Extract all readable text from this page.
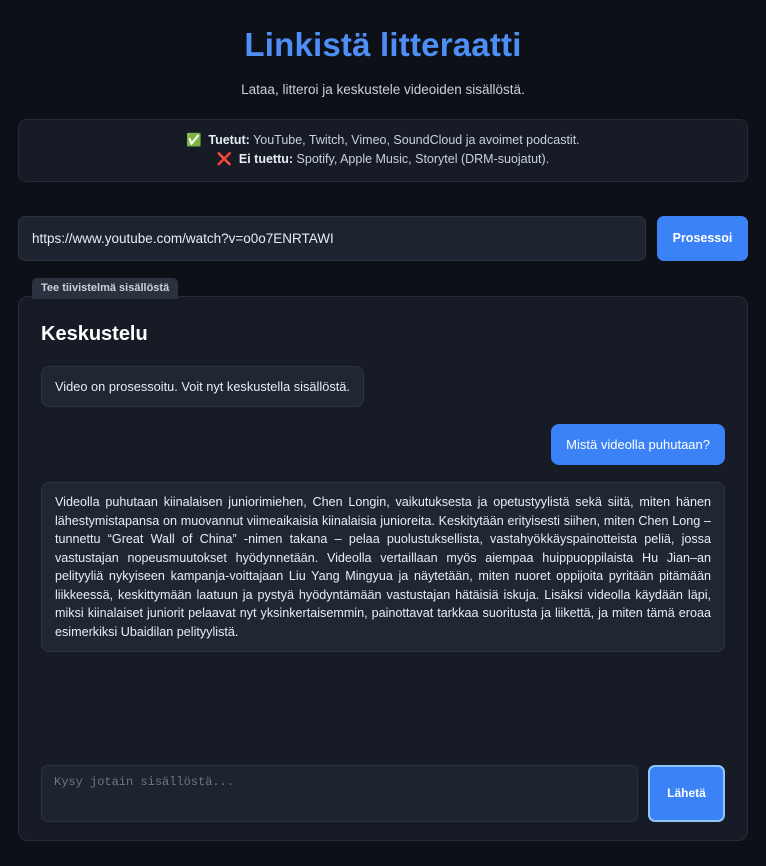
Linkistä litteraatti

Lataa, litteroi ja keskustele videoiden sisällöstä.

✅ Tuetut: YouTube, Twitch, Vimeo, SoundCloud ja avoimet podcastit.
❌ Ei tuettu: Spotify, Apple Music, Storytel (DRM-suojatut).
https://www.youtube.com/watch?v=o0o7ENRTAWI
Prosessoi
Tee tiivistelmä sisällöstä
Keskustelu
Video on prosessoitu. Voit nyt keskustella sisällöstä.
Mistä videolla puhutaan?
Videolla puhutaan kiinalaisen juniorimiehen, Chen Longin, vaikutuksesta ja opetustyylistä sekä siitä, miten hänen lähestymistapansa on muovannut viimeaikaisia kiinalaisia junioreita. Keskitytään erityisesti siihen, miten Chen Long – tunnettu “Great Wall of China” -nimen takana – pelaa puolustuksellista, vastahyökkäyspainotteista peliä, jossa vastustajan nopeusmuutokset hyödynnetään. Videolla vertaillaan myös aiempaa huippuoppilaista Hu Jian–an pelityyliä nykyiseen kampanja-voittajaan Liu Yang Mingyua ja näytetään, miten nuoret oppijoita pyritään pitämään liikkeessä, keskittymään laatuun ja pystyä hyödyntämään vastustajan hätäisiä iskuja. Lisäksi videolla käydään läpi, miksi kiinalaiset juniorit pelaavat nyt yksinkertaisemmin, painottavat tarkkaa suoritusta ja liikettä, ja miten tämä eroaa esimerkiksi Ubaidilan pelityylistä.
Kysy jotain sisällöstä...
Lähetä
